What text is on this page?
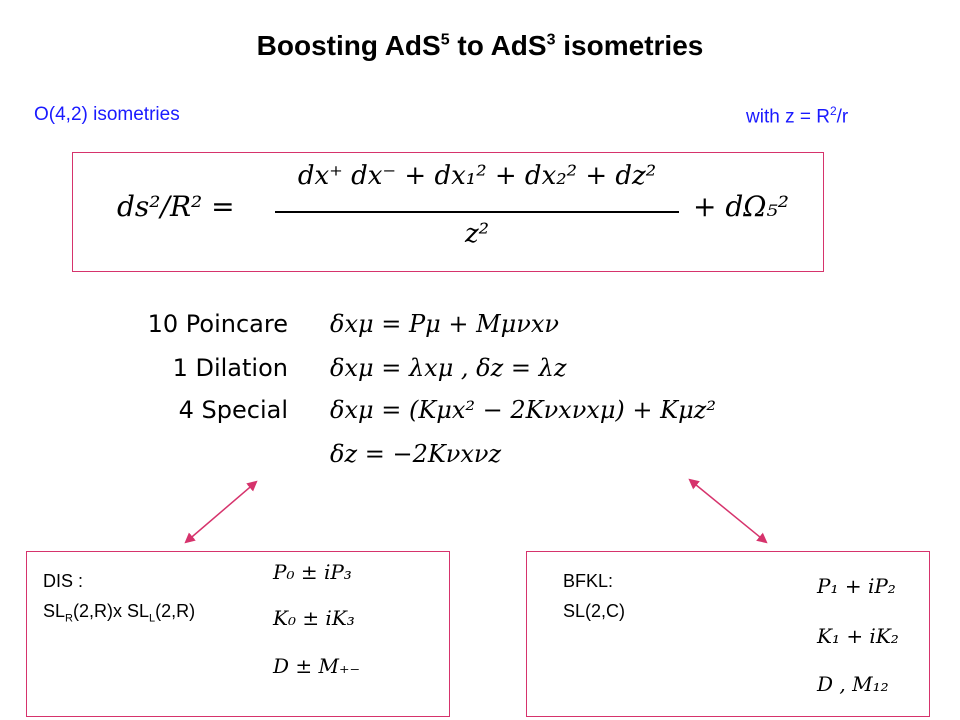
Boosting AdS$^5$ to AdS$^3$ isometries
O(4,2) isometries	with $z = R^2/r$
ds²/R² =
dx⁺ dx⁻ + dx₁² + dx₂² + dz²
z²
+ dΩ₅²
10 Poincare δxμ = Pμ + Mμνxν
1 Dilation δxμ = λxμ , δz = λz
4 Special δxμ = (Kμx² − 2Kνxνxμ) + Kμz²
δz = −2Kνxνz
DIS :
$SL_R(2,R)x$ $SL_L(2,R)$
P₀ ± iP₃
K₀ ± iK₃
D ± M₊₋
BFKL:
SL(2,C)
P₁ + iP₂
K₁ + iK₂
D , M₁₂
